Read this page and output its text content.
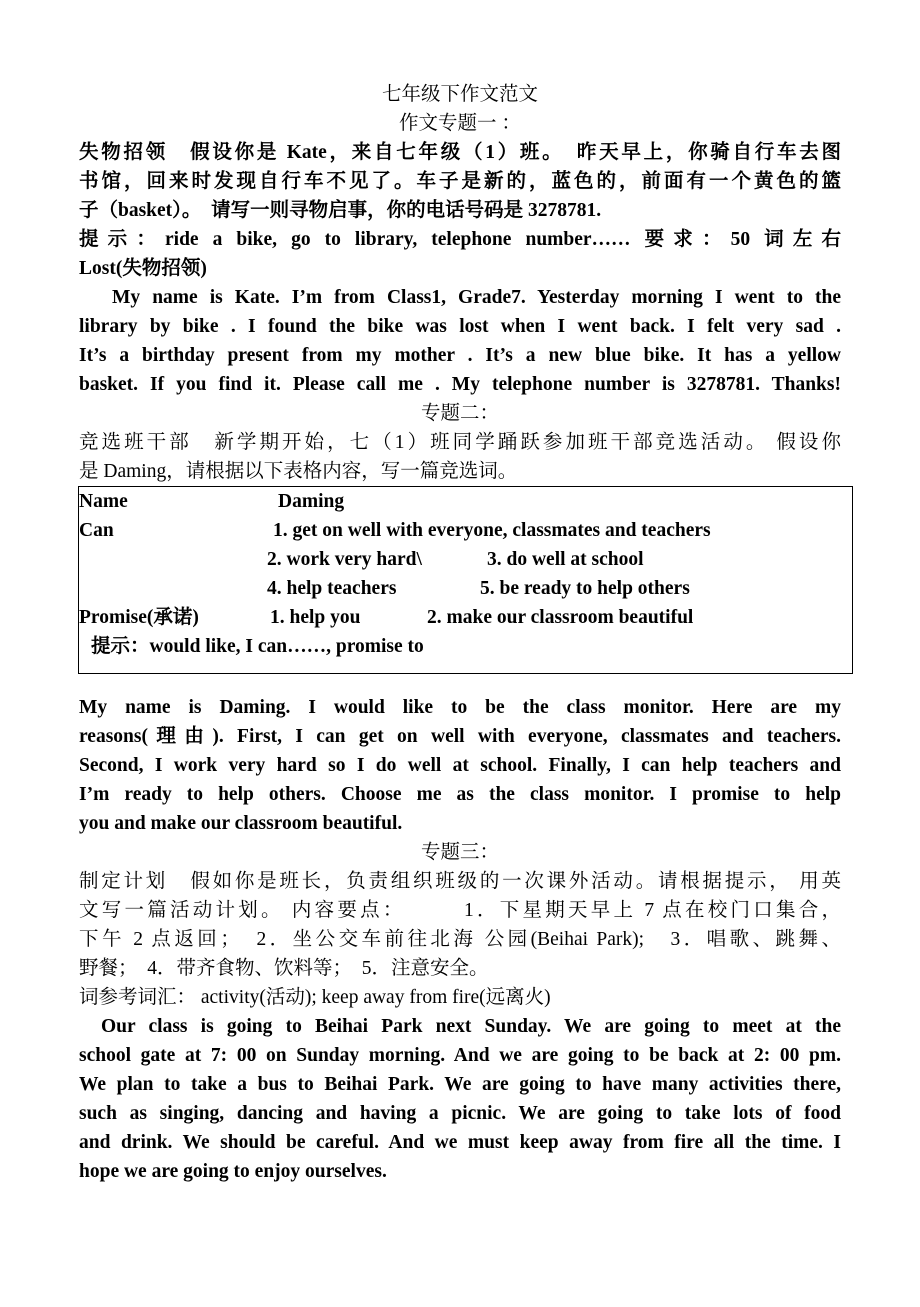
七年级下作文范文
作文专题一 ：
失物招领　假设你是 Kate，来自七年级（1）班。　昨天早上，你骑自行车去图
书馆，回来时发现自行车不见了。车子是新的，蓝色的，前面有一个黄色的篮
子（basket）。　请写一则寻物启事，你的电话号码是 3278781.
提示：ride a bike, go to library, telephone number…… 要求：50 词左右
Lost(失物招领)
My name is Kate. I’m from Class1, Grade7. Yesterday morning I went to the
library by bike . I found the bike was lost when I went back. I felt very sad .
It’s a birthday present from my mother . It’s a new blue bike. It has a yellow
basket. If you find it. Please call me . My telephone number is 3278781. Thanks!
专题二：
竞选班干部　新学期开始，七（1）班同学踊跃参加班干部竞选活动。 假设你
是 Daming，请根据以下表格内容，写一篇竞选词。
Name	Daming
Can	1. get on well with everyone, classmates and teachers
2. work very hard\	3. do well at school
4. help teachers	5. be ready to help others
Promise(承诺)	1. help you	2. make our classroom beautiful
提示：would like, I can……, promise to
My name is Daming. I would like to be the class monitor. Here are my
reasons(理由). First, I can get on well with everyone, classmates and teachers.
Second, I work very hard so I do well at school. Finally, I can help teachers and
I’m ready to help others. Choose me as the class monitor. I promise to help
you and make our classroom beautiful.
专题三：
制定计划　假如你是班长，负责组织班级的一次课外活动。请根据提示， 用英
文写一篇活动计划。 内容要点：　　　1．下星期天早上 7 点在校门口集合，
下午 2 点返回；　2．坐公交车前往北海 公园(Beihai Park);　3．唱歌、跳舞、
野餐；　4．带齐食物、饮料等；　5．注意安全。
词参考词汇： activity(活动); keep away from fire(远离火)
Our class is going to Beihai Park next Sunday. We are going to meet at the
school gate at 7: 00 on Sunday morning. And we are going to be back at 2: 00 pm.
We plan to take a bus to Beihai Park. We are going to have many activities there,
such as singing, dancing and having a picnic. We are going to take lots of food
and drink. We should be careful. And we must keep away from fire all the time. I
hope we are going to enjoy ourselves.
